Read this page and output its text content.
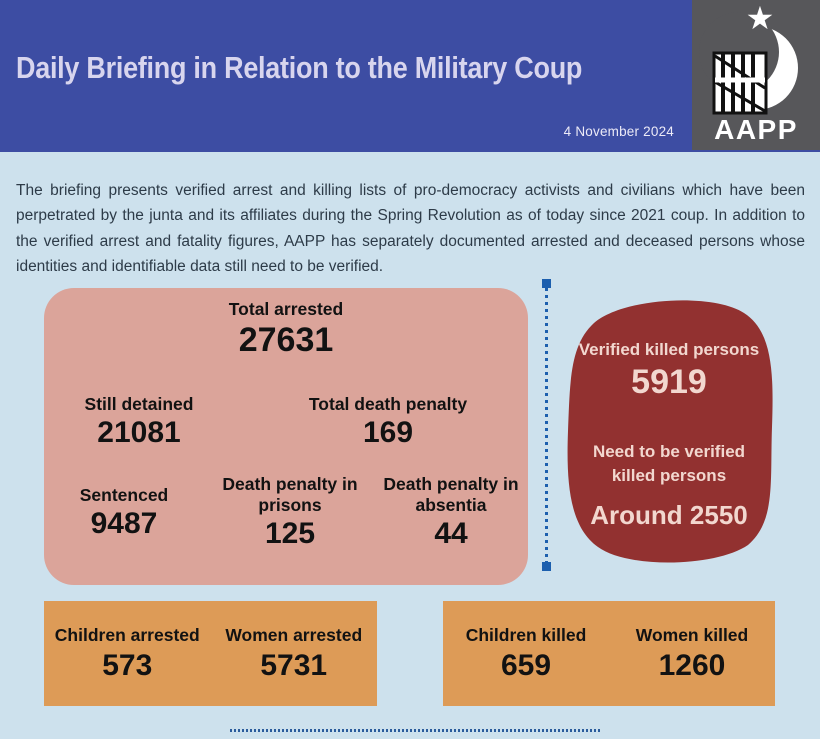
Daily Briefing in Relation to the Military Coup
4 November 2024
★
AAPP

The briefing presents verified arrest and killing lists of pro-democracy activists and civilians which have been perpetrated by the junta and its affiliates during the Spring Revolution as of today since 2021 coup. In addition to the verified arrest and fatality figures, AAPP has separately documented arrested and deceased persons whose identities and identifiable data still need to be verified.

Total arrested
27631
Still detained
21081
Total death penalty
169
Sentenced
9487
Death penalty in prisons
125
Death penalty in absentia
44
Verified killed persons
5919
Need to be verified killed persons
Around 2550
Children arrested
573
Women arrested
5731
Children killed
659
Women killed
1260
